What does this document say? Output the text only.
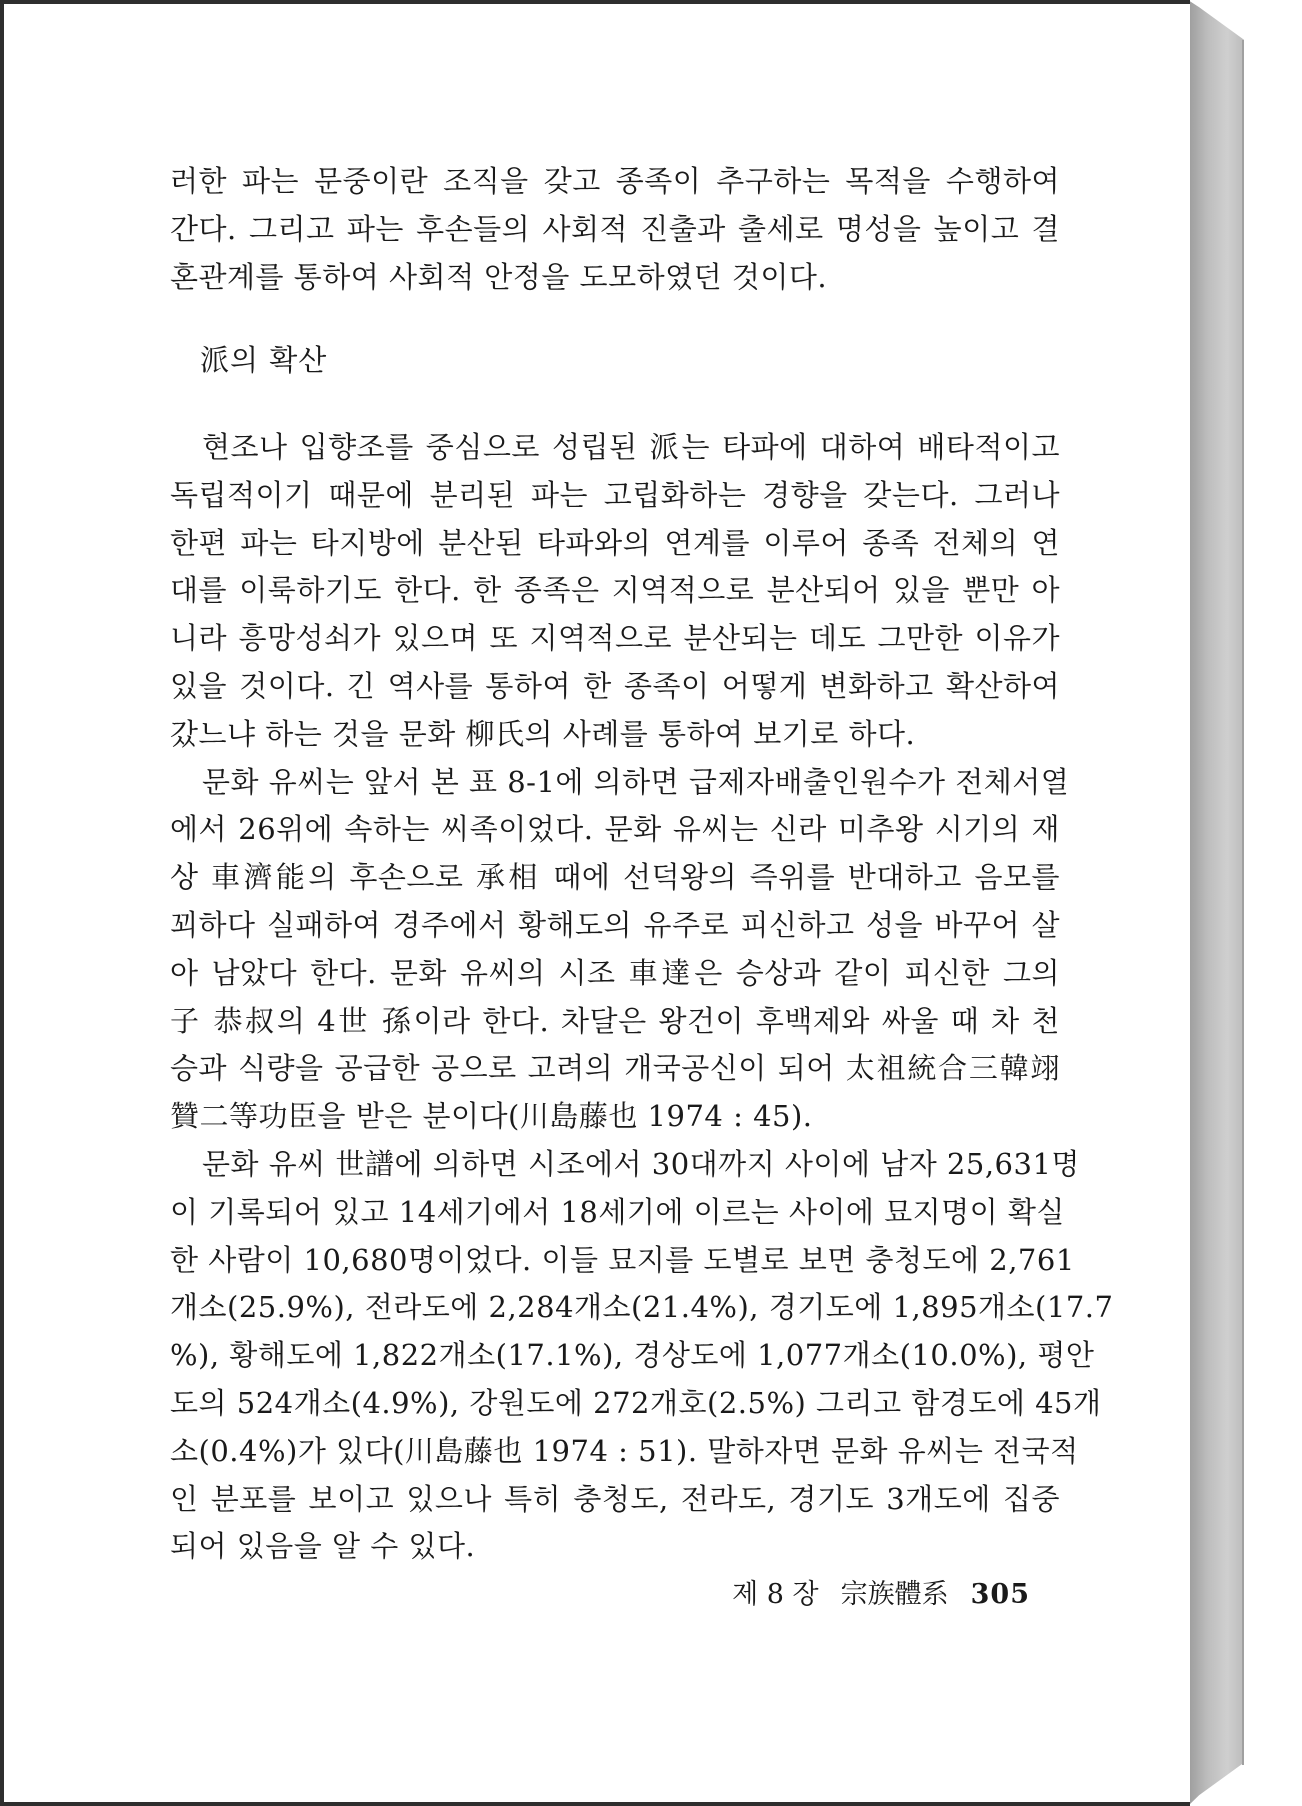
러한 파는 문중이란 조직을 갖고 종족이 추구하는 목적을 수행하여
간다. 그리고 파는 후손들의 사회적 진출과 출세로 명성을 높이고 결
혼관계를 통하여 사회적 안정을 도모하였던 것이다.
派의 확산
현조나 입향조를 중심으로 성립된 派는 타파에 대하여 배타적이고
독립적이기 때문에 분리된 파는 고립화하는 경향을 갖는다. 그러나
한편 파는 타지방에 분산된 타파와의 연계를 이루어 종족 전체의 연
대를 이룩하기도 한다. 한 종족은 지역적으로 분산되어 있을 뿐만 아
니라 흥망성쇠가 있으며 또 지역적으로 분산되는 데도 그만한 이유가
있을 것이다. 긴 역사를 통하여 한 종족이 어떻게 변화하고 확산하여
갔느냐 하는 것을 문화 柳氏의 사례를 통하여 보기로 하다.
문화 유씨는 앞서 본 표 8-1에 의하면 급제자배출인원수가 전체서열
에서 26위에 속하는 씨족이었다. 문화 유씨는 신라 미추왕 시기의 재
상 車濟能의 후손으로 承相 때에 선덕왕의 즉위를 반대하고 음모를
꾀하다 실패하여 경주에서 황해도의 유주로 피신하고 성을 바꾸어 살
아 남았다 한다. 문화 유씨의 시조 車達은 승상과 같이 피신한 그의
子 恭叔의 4世 孫이라 한다. 차달은 왕건이 후백제와 싸울 때 차 천
승과 식량을 공급한 공으로 고려의 개국공신이 되어 太祖統合三韓翊
贊二等功臣을 받은 분이다(川島藤也 1974 : 45).
문화 유씨 世譜에 의하면 시조에서 30대까지 사이에 남자 25,631명
이 기록되어 있고 14세기에서 18세기에 이르는 사이에 묘지명이 확실
한 사람이 10,680명이었다. 이들 묘지를 도별로 보면 충청도에 2,761
개소(25.9%), 전라도에 2,284개소(21.4%), 경기도에 1,895개소(17.7
%), 황해도에 1,822개소(17.1%), 경상도에 1,077개소(10.0%), 평안
도의 524개소(4.9%), 강원도에 272개호(2.5%) 그리고 함경도에 45개
소(0.4%)가 있다(川島藤也 1974 : 51). 말하자면 문화 유씨는 전국적
인 분포를 보이고 있으나 특히 충청도, 전라도, 경기도 3개도에 집중
되어 있음을 알 수 있다.
제 8 장 宗族體系 305
